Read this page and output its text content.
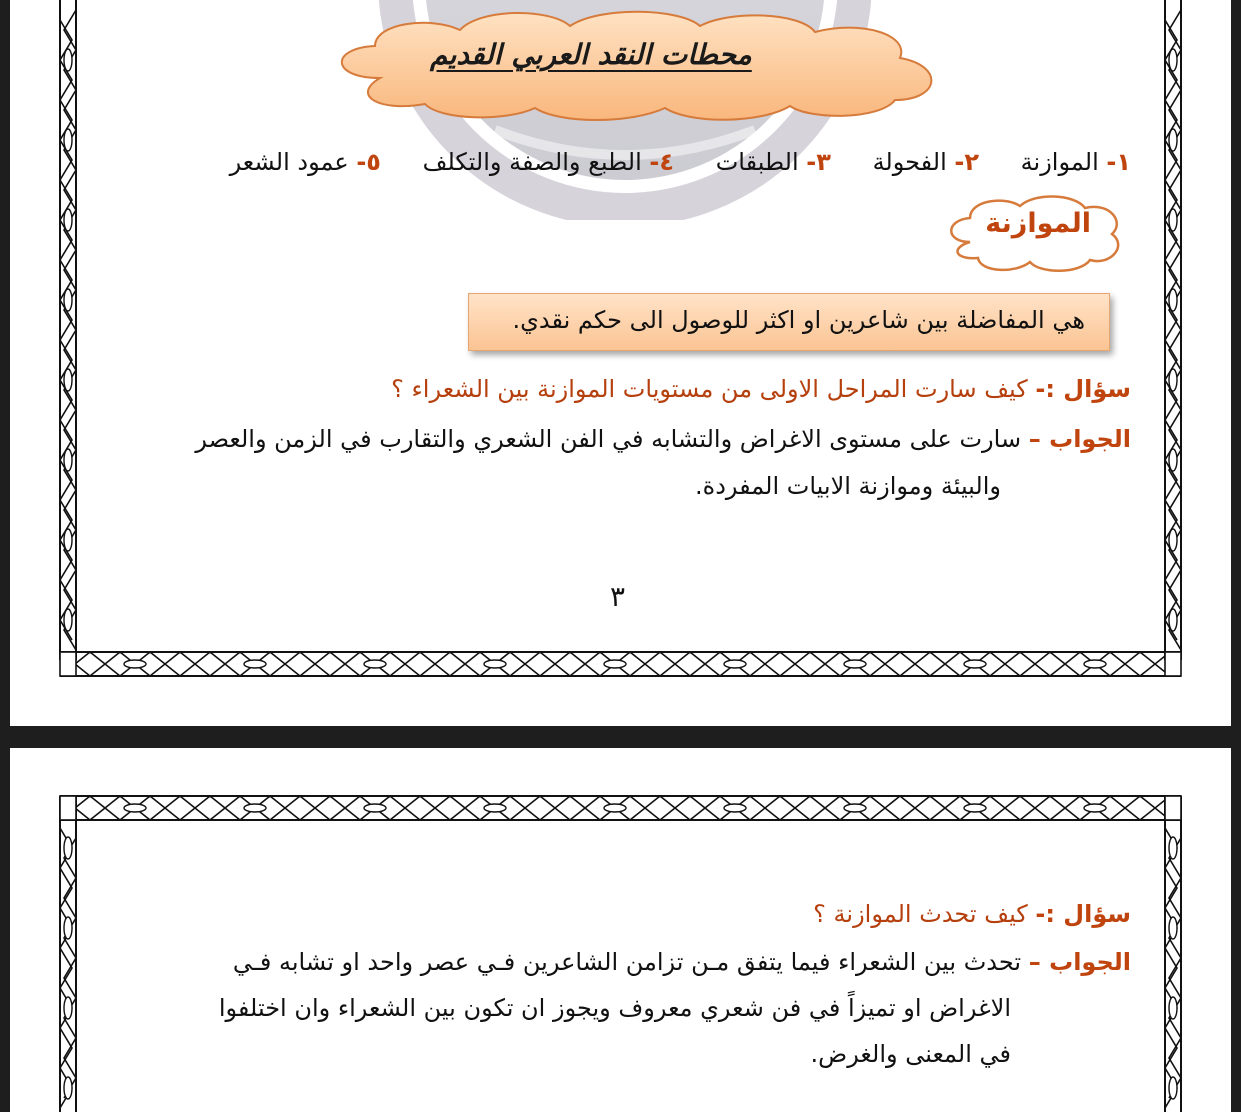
محطات النقد العربي القديم
١- الموازنة ٢- الفحولة ٣- الطبقات ٤- الطبع والصفة والتكلف ٥- عمود الشعر
الموازنة
هي المفاضلة بين شاعرين او اكثر للوصول الى حكم نقدي.
سؤال :- كيف سارت المراحل الاولى من مستويات الموازنة بين الشعراء ؟
الجواب – سارت على مستوى الاغراض والتشابه في الفن الشعري والتقارب في الزمن والعصر
والبيئة وموازنة الابيات المفردة.
٣
سؤال :- كيف تحدث الموازنة ؟
الجواب – تحدث بين الشعراء فيما يتفق مـن تزامن الشاعرين فـي عصر واحد او تشابه فـي
الاغراض او تميزاً في فن شعري معروف ويجوز ان تكون بين الشعراء وان اختلفوا
في المعنى والغرض.
